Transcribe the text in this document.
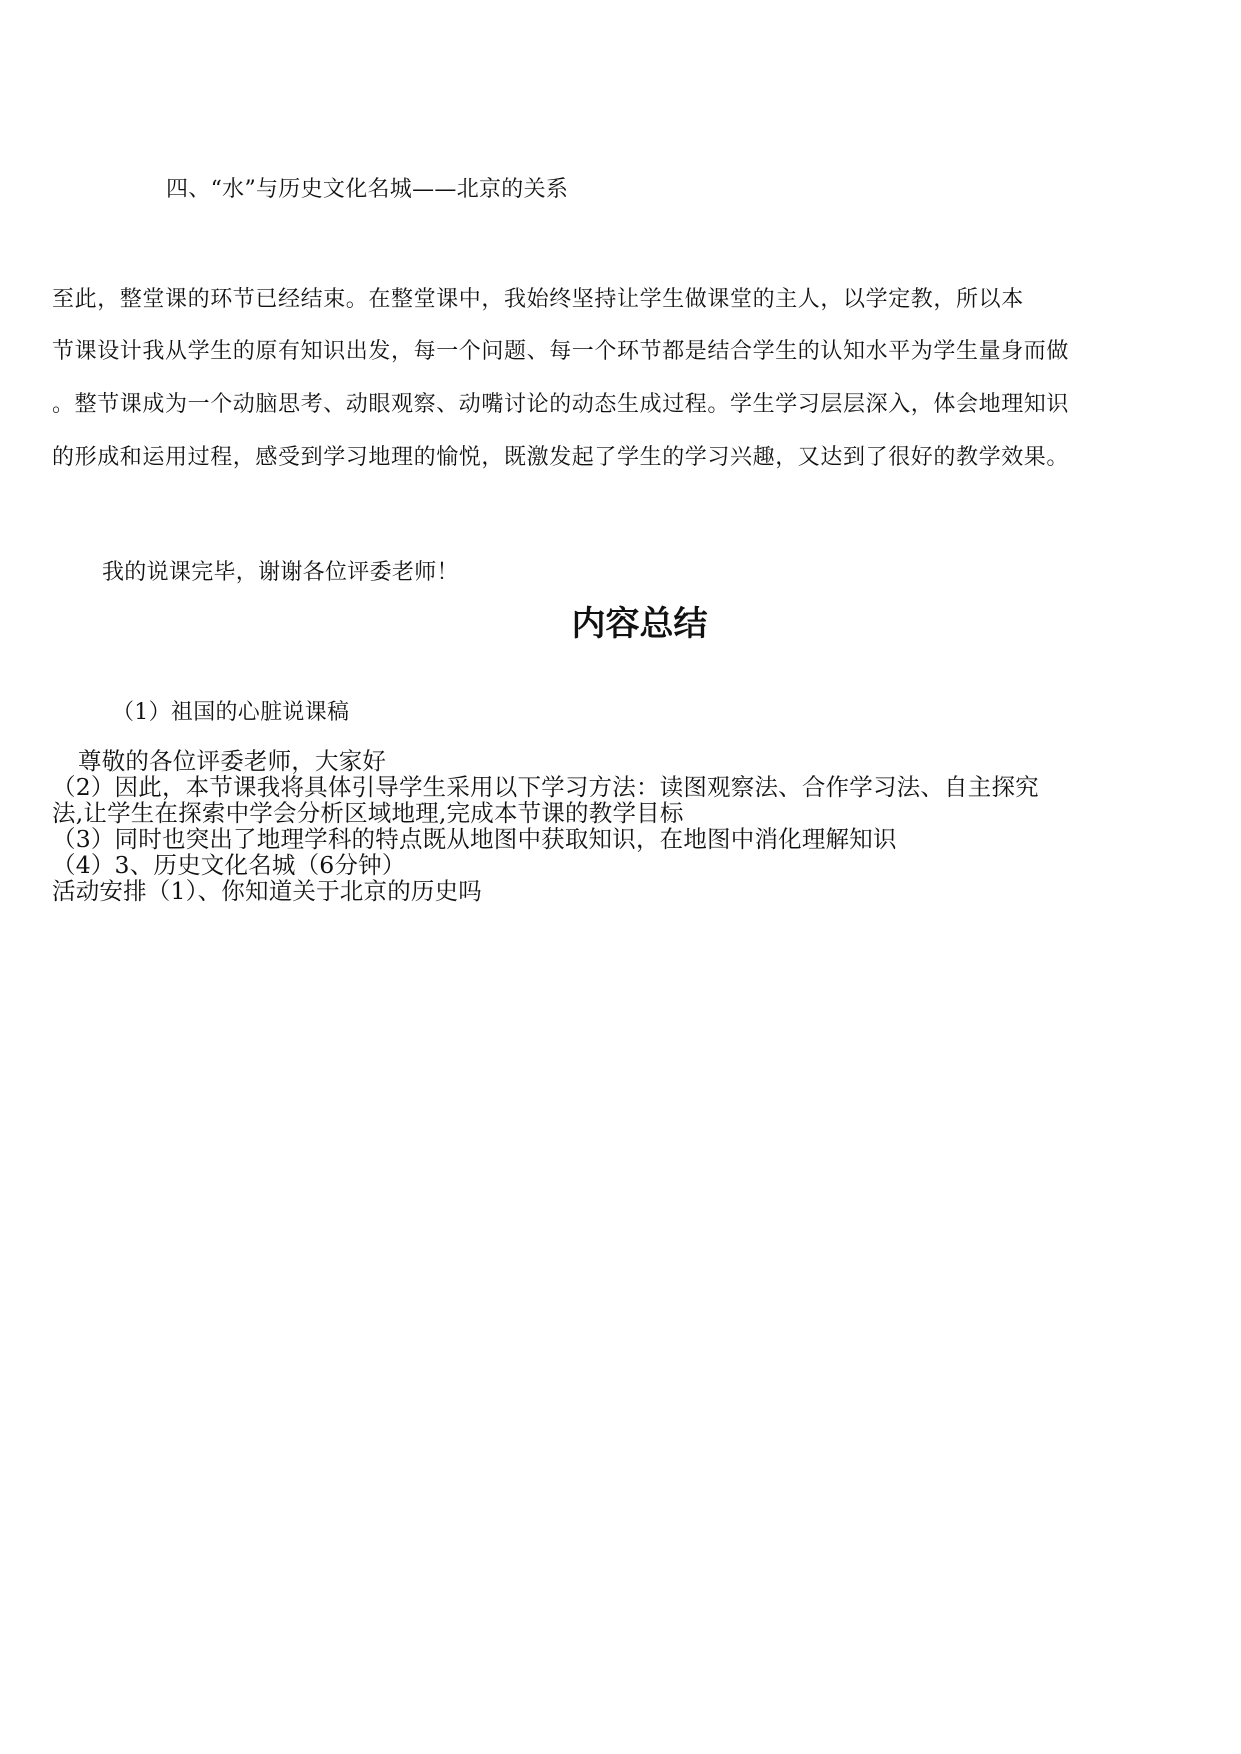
四、“水”与历史文化名城——北京的关系
至此，整堂课的环节已经结束。在整堂课中，我始终坚持让学生做课堂的主人，以学定教，所以本
节课设计我从学生的原有知识出发，每一个问题、每一个环节都是结合学生的认知水平为学生量身而做
。整节课成为一个动脑思考、动眼观察、动嘴讨论的动态生成过程。学生学习层层深入，体会地理知识
的形成和运用过程，感受到学习地理的愉悦，既激发起了学生的学习兴趣，又达到了很好的教学效果。
我的说课完毕，谢谢各位评委老师！
内容总结
（1）祖国的心脏说课稿
尊敬的各位评委老师，大家好
（2）因此，本节课我将具体引导学生采用以下学习方法：读图观察法、合作学习法、自主探究
法,让学生在探索中学会分析区域地理,完成本节课的教学目标
（3）同时也突出了地理学科的特点既从地图中获取知识，在地图中消化理解知识
（4）3、历史文化名城（6分钟）
活动安排（1）、你知道关于北京的历史吗
